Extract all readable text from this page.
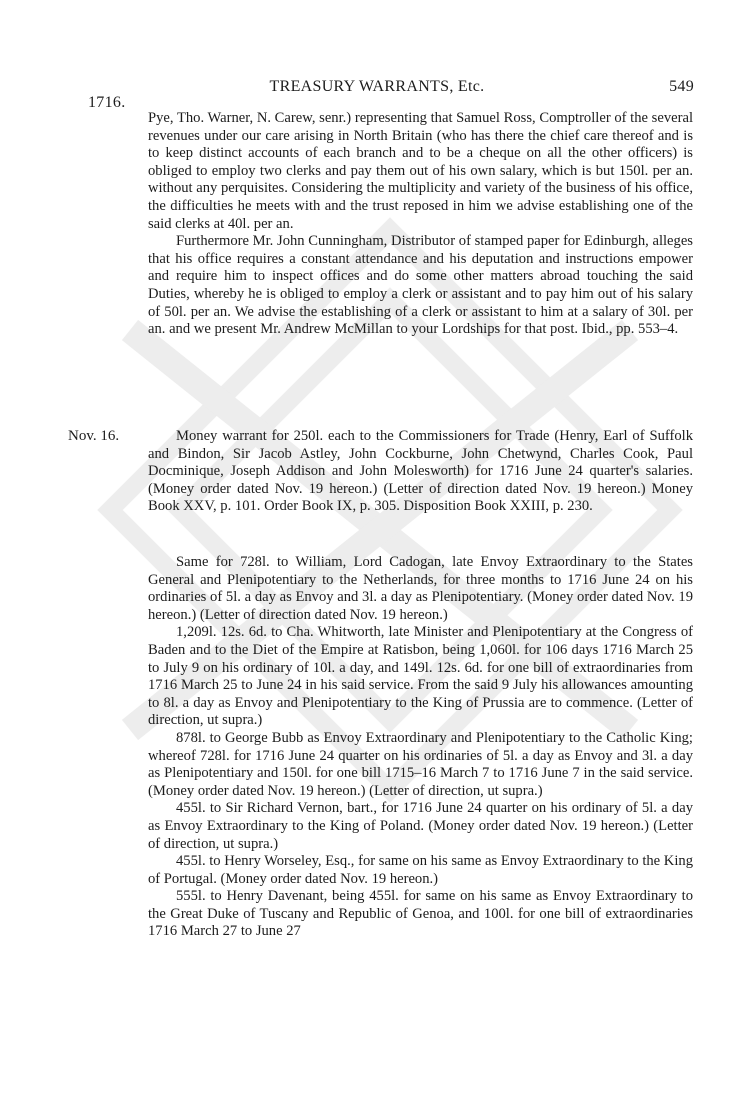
1716.
TREASURY WARRANTS, Etc.	549

Pye, Tho. Warner, N. Carew, senr.) representing that Samuel Ross, Comptroller of the several revenues under our care arising in North Britain (who has there the chief care thereof and is to keep distinct accounts of each branch and to be a cheque on all the other officers) is obliged to employ two clerks and pay them out of his own salary, which is but 150l. per an. without any perquisites. Considering the multiplicity and variety of the business of his office, the difficulties he meets with and the trust reposed in him we advise establishing one of the said clerks at 40l. per an.

Furthermore Mr. John Cunningham, Distributor of stamped paper for Edinburgh, alleges that his office requires a constant attendance and his deputation and instructions empower and require him to inspect offices and do some other matters abroad touching the said Duties, whereby he is obliged to employ a clerk or assistant and to pay him out of his salary of 50l. per an. We advise the establishing of a clerk or assistant to him at a salary of 30l. per an. and we present Mr. Andrew McMillan to your Lordships for that post. Ibid., pp. 553–4.

Nov. 16.	Money warrant for 250l. each to the Commissioners for Trade (Henry, Earl of Suffolk and Bindon, Sir Jacob Astley, John Cockburne, John Chetwynd, Charles Cook, Paul Docminique, Joseph Addison and John Molesworth) for 1716 June 24 quarter's salaries. (Money order dated Nov. 19 hereon.) (Letter of direction dated Nov. 19 hereon.) Money Book XXV, p. 101. Order Book IX, p. 305. Disposition Book XXIII, p. 230.

Same for 728l. to William, Lord Cadogan, late Envoy Extraordinary to the States General and Plenipotentiary to the Netherlands, for three months to 1716 June 24 on his ordinaries of 5l. a day as Envoy and 3l. a day as Plenipotentiary. (Money order dated Nov. 19 hereon.) (Letter of direction dated Nov. 19 hereon.)

1,209l. 12s. 6d. to Cha. Whitworth, late Minister and Plenipotentiary at the Congress of Baden and to the Diet of the Empire at Ratisbon, being 1,060l. for 106 days 1716 March 25 to July 9 on his ordinary of 10l. a day, and 149l. 12s. 6d. for one bill of extraordinaries from 1716 March 25 to June 24 in his said service. From the said 9 July his allowances amounting to 8l. a day as Envoy and Plenipotentiary to the King of Prussia are to commence. (Letter of direction, ut supra.)

878l. to George Bubb as Envoy Extraordinary and Plenipotentiary to the Catholic King; whereof 728l. for 1716 June 24 quarter on his ordinaries of 5l. a day as Envoy and 3l. a day as Plenipotentiary and 150l. for one bill 1715–16 March 7 to 1716 June 7 in the said service. (Money order dated Nov. 19 hereon.) (Letter of direction, ut supra.)

455l. to Sir Richard Vernon, bart., for 1716 June 24 quarter on his ordinary of 5l. a day as Envoy Extraordinary to the King of Poland. (Money order dated Nov. 19 hereon.) (Letter of direction, ut supra.)

455l. to Henry Worseley, Esq., for same on his same as Envoy Extraordinary to the King of Portugal. (Money order dated Nov. 19 hereon.)

555l. to Henry Davenant, being 455l. for same on his same as Envoy Extraordinary to the Great Duke of Tuscany and Republic of Genoa, and 100l. for one bill of extraordinaries 1716 March 27 to June 27
